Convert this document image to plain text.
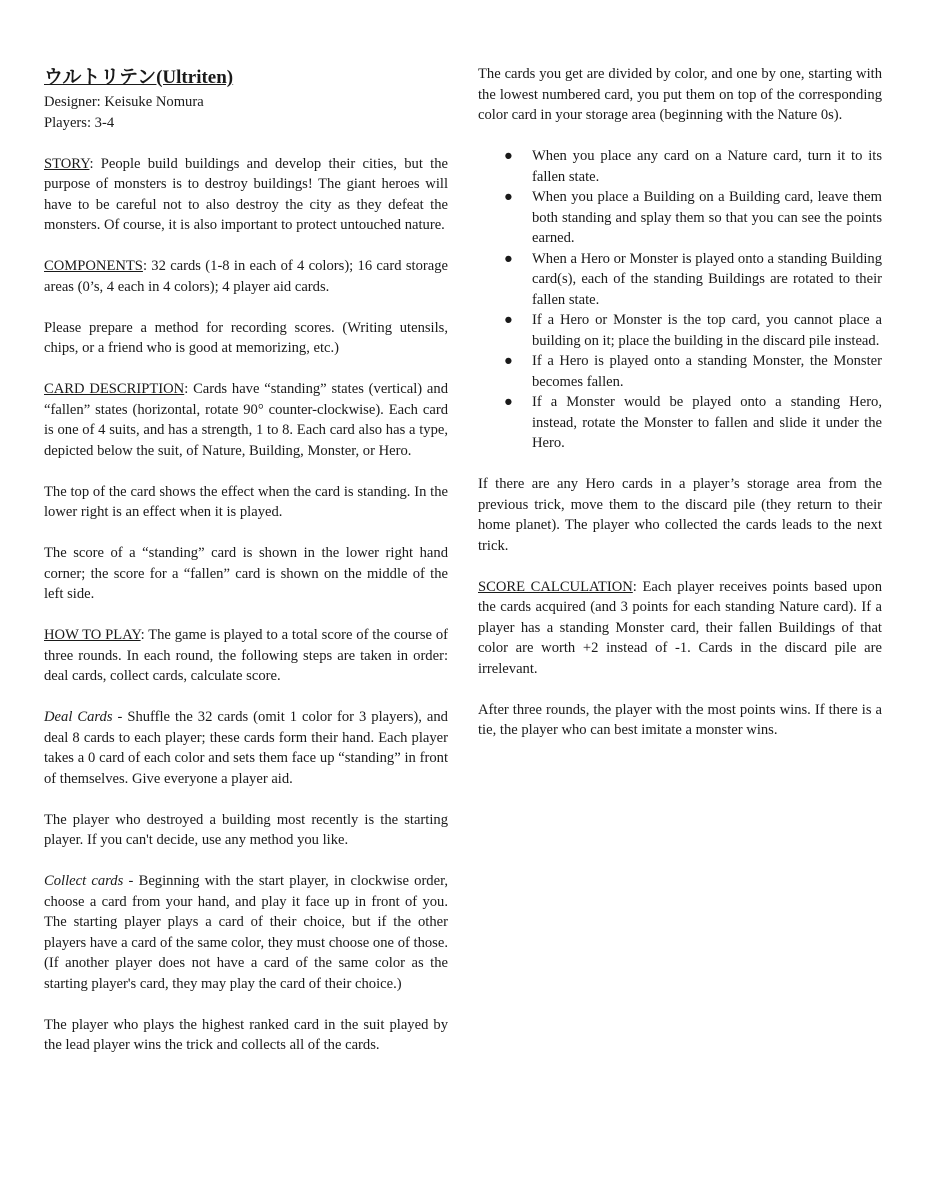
ウルトリテン(Ultriten)

Designer: Keisuke Nomura

Players: 3-4

STORY: People build buildings and develop their cities, but the purpose of monsters is to destroy buildings! The giant heroes will have to be careful not to also destroy the city as they defeat the monsters. Of course, it is also important to protect untouched nature.

COMPONENTS: 32 cards (1-8 in each of 4 colors); 16 card storage areas (0’s, 4 each in 4 colors); 4 player aid cards.

Please prepare a method for recording scores. (Writing utensils, chips, or a friend who is good at memorizing, etc.)

CARD DESCRIPTION: Cards have “standing” states (vertical) and “fallen” states (horizontal, rotate 90° counter-clockwise). Each card is one of 4 suits, and has a strength, 1 to 8. Each card also has a type, depicted below the suit, of Nature, Building, Monster, or Hero.

The top of the card shows the effect when the card is standing. In the lower right is an effect when it is played.

The score of a “standing” card is shown in the lower right hand corner; the score for a “fallen” card is shown on the middle of the left side.

HOW TO PLAY: The game is played to a total score of the course of three rounds. In each round, the following steps are taken in order: deal cards, collect cards, calculate score.

Deal Cards - Shuffle the 32 cards (omit 1 color for 3 players), and deal 8 cards to each player; these cards form their hand. Each player takes a 0 card of each color and sets them face up “standing” in front of themselves. Give everyone a player aid.

The player who destroyed a building most recently is the starting player. If you can't decide, use any method you like.

Collect cards - Beginning with the start player, in clockwise order, choose a card from your hand, and play it face up in front of you. The starting player plays a card of their choice, but if the other players have a card of the same color, they must choose one of those. (If another player does not have a card of the same color as the starting player's card, they may play the card of their choice.)

The player who plays the highest ranked card in the suit played by the lead player wins the trick and collects all of the cards.

The cards you get are divided by color, and one by one, starting with the lowest numbered card, you put them on top of the corresponding color card in your storage area (beginning with the Nature 0s).

● When you place any card on a Nature card, turn it to its fallen state.
● When you place a Building on a Building card, leave them both standing and splay them so that you can see the points earned.
● When a Hero or Monster is played onto a standing Building card(s), each of the standing Buildings are rotated to their fallen state.
● If a Hero or Monster is the top card, you cannot place a building on it; place the building in the discard pile instead.
● If a Hero is played onto a standing Monster, the Monster becomes fallen.
● If a Monster would be played onto a standing Hero, instead, rotate the Monster to fallen and slide it under the Hero.

If there are any Hero cards in a player’s storage area from the previous trick, move them to the discard pile (they return to their home planet). The player who collected the cards leads to the next trick.

SCORE CALCULATION: Each player receives points based upon the cards acquired (and 3 points for each standing Nature card). If a player has a standing Monster card, their fallen Buildings of that color are worth +2 instead of -1. Cards in the discard pile are irrelevant.

After three rounds, the player with the most points wins. If there is a tie, the player who can best imitate a monster wins.
